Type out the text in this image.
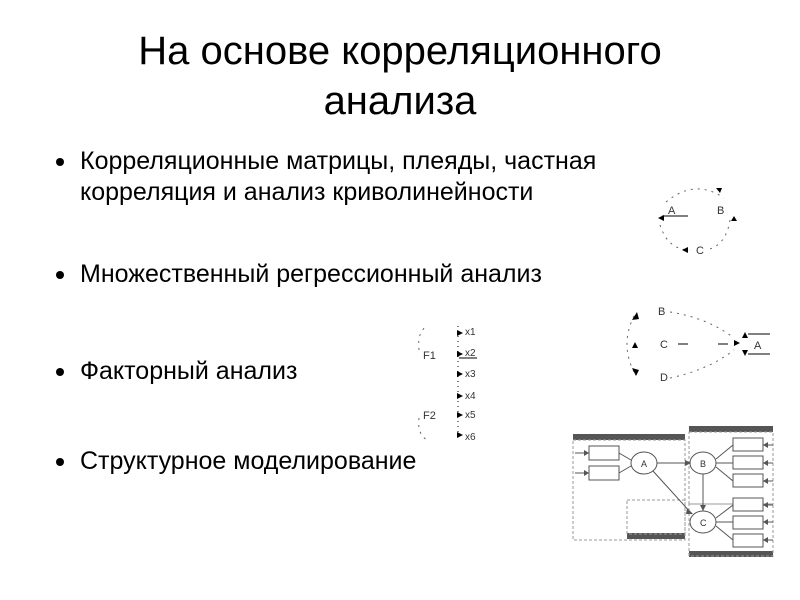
На основе корреляционного
анализа
Корреляционные матрицы, плеяды, частная
корреляция и анализ криволинейности
Множественный регрессионный анализ
Факторный анализ
Структурное моделирование
A	B
C
B
C
D
A
F1
F2
x1
x2
x3
x4
x5
x6
A	B
C
